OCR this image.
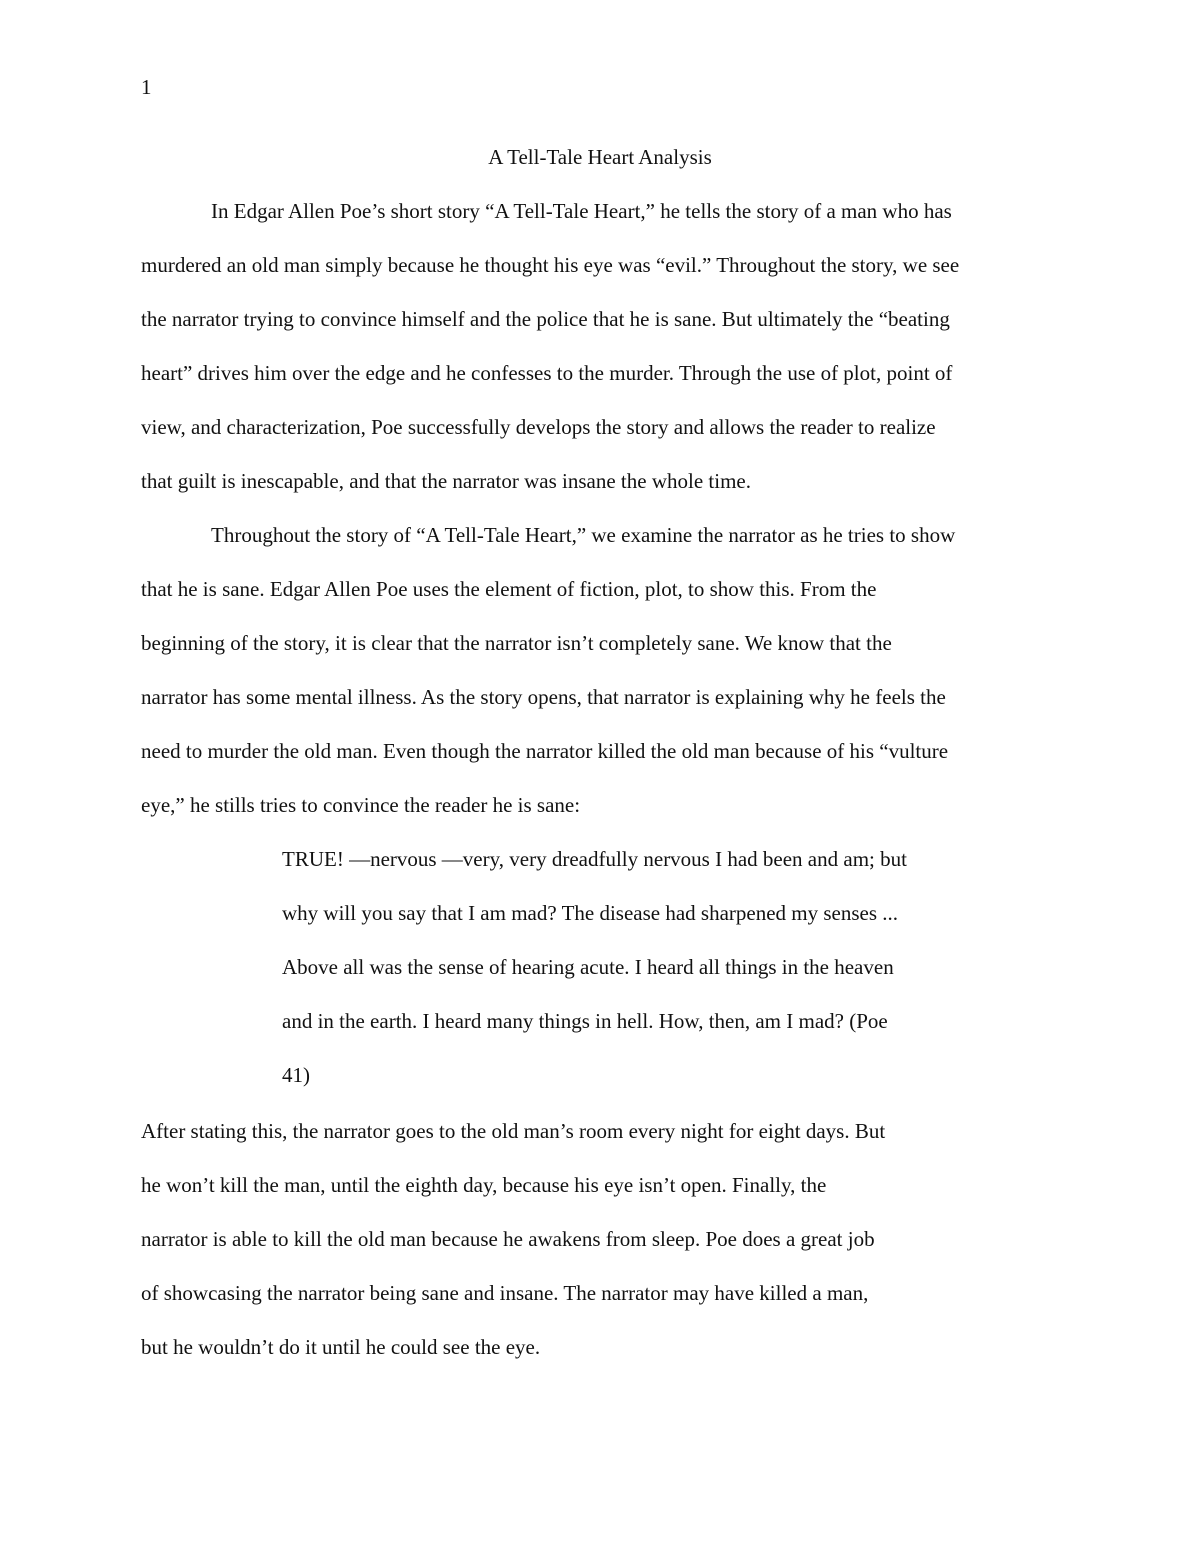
1
A Tell-Tale Heart Analysis
In Edgar Allen Poe’s short story “A Tell-Tale Heart,” he tells the story of a man who has
murdered an old man simply because he thought his eye was “evil.” Throughout the story, we see
the narrator trying to convince himself and the police that he is sane. But ultimately the “beating
heart” drives him over the edge and he confesses to the murder. Through the use of plot, point of
view, and characterization, Poe successfully develops the story and allows the reader to realize
that guilt is inescapable, and that the narrator was insane the whole time.
Throughout the story of “A Tell-Tale Heart,” we examine the narrator as he tries to show
that he is sane. Edgar Allen Poe uses the element of fiction, plot, to show this. From the
beginning of the story, it is clear that the narrator isn’t completely sane. We know that the
narrator has some mental illness. As the story opens, that narrator is explaining why he feels the
need to murder the old man. Even though the narrator killed the old man because of his “vulture
eye,” he stills tries to convince the reader he is sane:
TRUE! —nervous —very, very dreadfully nervous I had been and am; but
why will you say that I am mad? The disease had sharpened my senses ...
Above all was the sense of hearing acute. I heard all things in the heaven
and in the earth. I heard many things in hell. How, then, am I mad? (Poe
41)
After stating this, the narrator goes to the old man’s room every night for eight days. But
he won’t kill the man, until the eighth day, because his eye isn’t open. Finally, the
narrator is able to kill the old man because he awakens from sleep. Poe does a great job
of showcasing the narrator being sane and insane. The narrator may have killed a man,
but he wouldn’t do it until he could see the eye.
